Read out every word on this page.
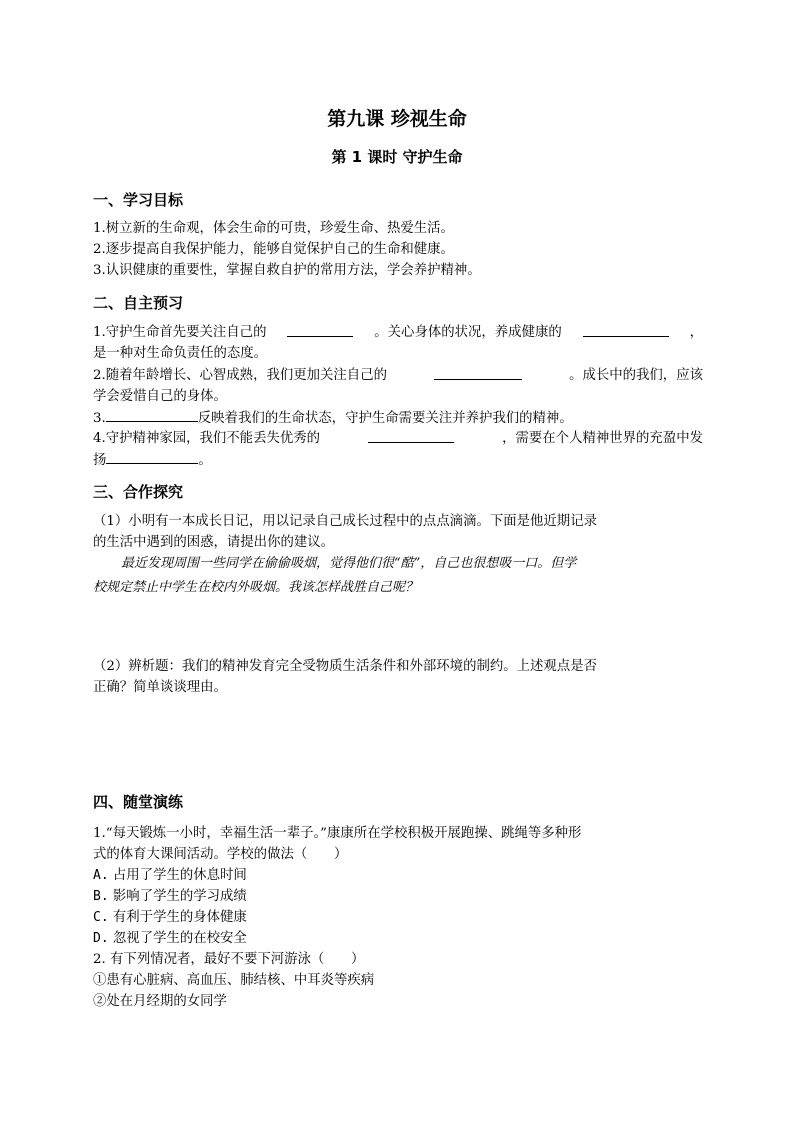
第九课 珍视生命
第 1 课时 守护生命
一、学习目标
1.树立新的生命观，体会生命的可贵，珍爱生命、热爱生活。
2.逐步提高自我保护能力，能够自觉保护自己的生命和健康。
3.认识健康的重要性，掌握自救自护的常用方法，学会养护精神。
二、自主预习
1.守护生命首先要关注自己的	。关心身体的状况，养成健康的	，
是一种对生命负责任的态度。
2.随着年龄增长、心智成熟，我们更加关注自己的	。成长中的我们，应该
学会爱惜自己的身体。
3.	反映着我们的生命状态，守护生命需要关注并养护我们的精神。
4.守护精神家园，我们不能丢失优秀的	，需要在个人精神世界的充盈中发
扬	。
三、合作探究
（1）小明有一本成长日记，用以记录自己成长过程中的点点滴滴。下面是他近期记录
的生活中遇到的困惑，请提出你的建议。
最近发现周围一些同学在偷偷吸烟，觉得他们很“酷”，自己也很想吸一口。但学
校规定禁止中学生在校内外吸烟。我该怎样战胜自己呢？
（2）辨析题：我们的精神发育完全受物质生活条件和外部环境的制约。上述观点是否
正确？简单谈谈理由。
四、随堂演练
1.“每天锻炼一小时，幸福生活一辈子。”康康所在学校积极开展跑操、跳绳等多种形
式的体育大课间活动。学校的做法（　　）
A. 占用了学生的休息时间
B. 影响了学生的学习成绩
C. 有利于学生的身体健康
D. 忽视了学生的在校安全
2. 有下列情况者，最好不要下河游泳（　　）
①患有心脏病、高血压、肺结核、中耳炎等疾病
②处在月经期的女同学
